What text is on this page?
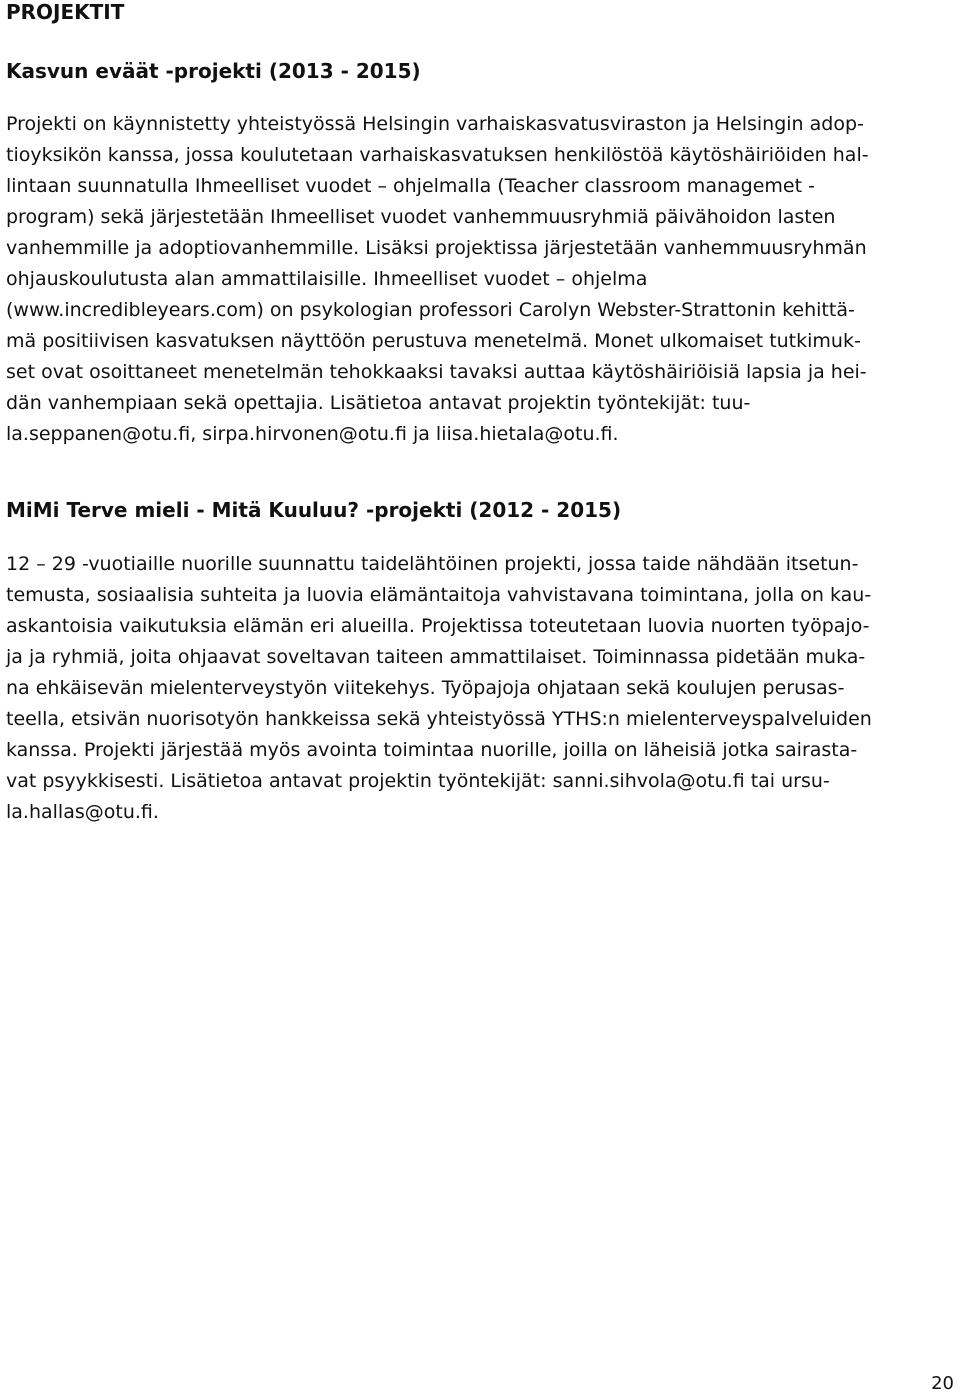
PROJEKTIT
Kasvun eväät -projekti (2013 - 2015)
Projekti on käynnistetty yhteistyössä Helsingin varhaiskasvatusviraston ja Helsingin adop-
tioyksikön kanssa, jossa koulutetaan varhaiskasvatuksen henkilöstöä käytöshäiriöiden hal-
lintaan suunnatulla Ihmeelliset vuodet – ohjelmalla (Teacher classroom managemet -
program) sekä järjestetään Ihmeelliset vuodet vanhemmuusryhmiä päivähoidon lasten
vanhemmille ja adoptiovanhemmille. Lisäksi projektissa järjestetään vanhemmuusryhmän
ohjauskoulutusta alan ammattilaisille. Ihmeelliset vuodet – ohjelma
(www.incredibleyears.com) on psykologian professori Carolyn Webster-Strattonin kehittä-
mä positiivisen kasvatuksen näyttöön perustuva menetelmä. Monet ulkomaiset tutkimuk-
set ovat osoittaneet menetelmän tehokkaaksi tavaksi auttaa käytöshäiriöisiä lapsia ja hei-
dän vanhempiaan sekä opettajia. Lisätietoa antavat projektin työntekijät: tuu-
la.seppanen@otu.fi, sirpa.hirvonen@otu.fi ja liisa.hietala@otu.fi.
MiMi Terve mieli - Mitä Kuuluu? -projekti (2012 - 2015)
12 – 29 -vuotiaille nuorille suunnattu taidelähtöinen projekti, jossa taide nähdään itsetun-
temusta, sosiaalisia suhteita ja luovia elämäntaitoja vahvistavana toimintana, jolla on kau-
askantoisia vaikutuksia elämän eri alueilla. Projektissa toteutetaan luovia nuorten työpajo-
ja ja ryhmiä, joita ohjaavat soveltavan taiteen ammattilaiset. Toiminnassa pidetään muka-
na ehkäisevän mielenterveystyön viitekehys. Työpajoja ohjataan sekä koulujen perusas-
teella, etsivän nuorisotyön hankkeissa sekä yhteistyössä YTHS:n mielenterveyspalveluiden
kanssa. Projekti järjestää myös avointa toimintaa nuorille, joilla on läheisiä jotka sairasta-
vat psyykkisesti. Lisätietoa antavat projektin työntekijät: sanni.sihvola@otu.fi tai ursu-
la.hallas@otu.fi.
20
